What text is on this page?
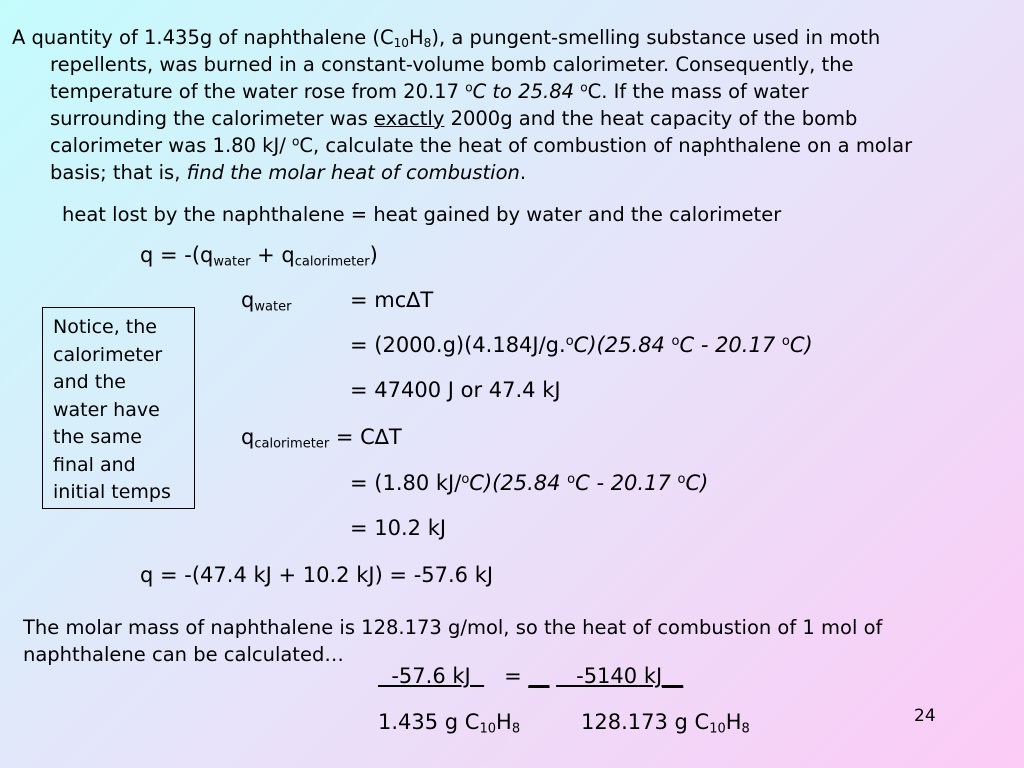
A quantity of 1.435g of naphthalene $(C_{10}H_8)$, a pungent-smelling substance used in moth
repellents, was burned in a constant-volume bomb calorimeter. Consequently, the
temperature of the water rose from 20.17 $^o$C to 25.84 $^o$C. If the mass of water
surrounding the calorimeter was exactly 2000g and the heat capacity of the bomb
calorimeter was 1.80 kJ/ $^o$C, calculate the heat of combustion of naphthalene on a molar
basis; that is, find the molar heat of combustion.
heat lost by the naphthalene = heat gained by water and the calorimeter
$q = -(q_{water} + q_{calorimeter})$
$q_{water}$	= mc∆T
= (2000.g)(4.184J/g.$^o$C)(25.84 $^o$C - 20.17 $^o$C)
= 47400 J or 47.4 kJ
$q_{calorimeter} = C\Delta T$
= (1.80 kJ/$^o$C)(25.84 $^o$C - 20.17 $^o$C)
= 10.2 kJ
q = -(47.4 kJ + 10.2 kJ) = -57.6 kJ
Notice, the
calorimeter
and the
water have
the same
final and
initial temps
The molar mass of naphthalene is 128.173 g/mol, so the heat of combustion of 1 mol of
naphthalene can be calculated…
-57.6 kJ     = __    -5140 kJ__
1.435 g $C_{10}H_8$	128.173 g $C_{10}H_8$
24
